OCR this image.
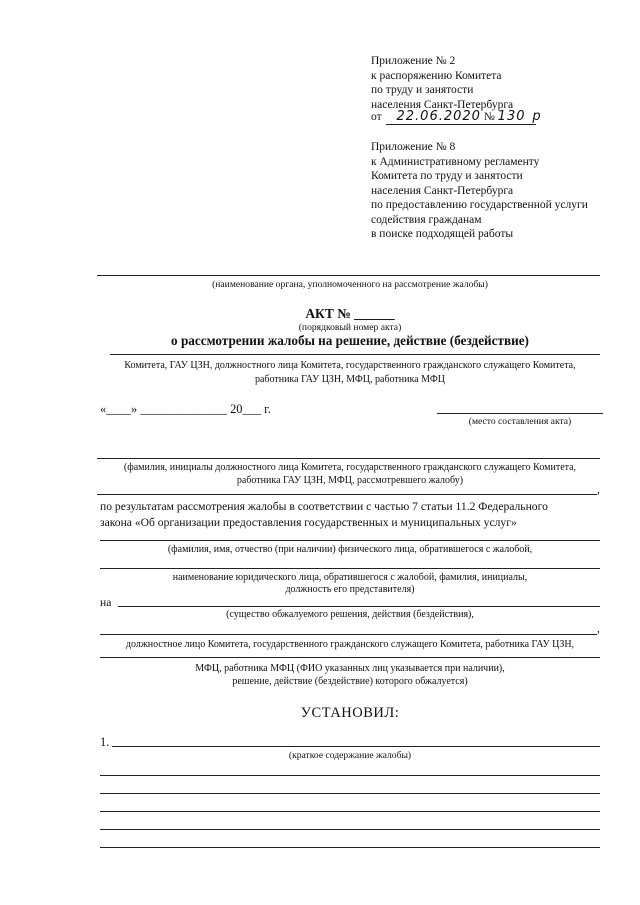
Приложение № 2
к распоряжению Комитета
по труду и занятости
населения Санкт-Петербурга
от 22.06.2020 № 130 р
Приложение № 8
к Административному регламенту
Комитета по труду и занятости
населения Санкт-Петербурга
по предоставлению государственной услуги
содействия гражданам
в поиске подходящей работы
(наименование органа, уполномоченного на рассмотрение жалобы)
АКТ № ______
(порядковый номер акта)
о рассмотрении жалобы на решение, действие (бездействие)
Комитета, ГАУ ЦЗН, должностного лица Комитета, государственного гражданского служащего Комитета,
работника ГАУ ЦЗН, МФЦ, работника МФЦ
«____» ______________ 20___ г.
(место составления акта)
(фамилия, инициалы должностного лица Комитета, государственного гражданского служащего Комитета,
работника ГАУ ЦЗН, МФЦ, рассмотревшего жалобу)
,
по результатам рассмотрения жалобы в соответствии с частью 7 статьи 11.2 Федерального
закона «Об организации предоставления государственных и муниципальных услуг»
(фамилия, имя, отчество (при наличии) физического лица, обратившегося с жалобой,
наименование юридического лица, обратившегося с жалобой, фамилия, инициалы,
должность его представителя)
на
(существо обжалуемого решения, действия (бездействия),
,
должностное лицо Комитета, государственного гражданского служащего Комитета, работника ГАУ ЦЗН,
МФЦ, работника МФЦ (ФИО указанных лиц указывается при наличии),
решение, действие (бездействие) которого обжалуется)
УСТАНОВИЛ:
1.
(краткое содержание жалобы)
